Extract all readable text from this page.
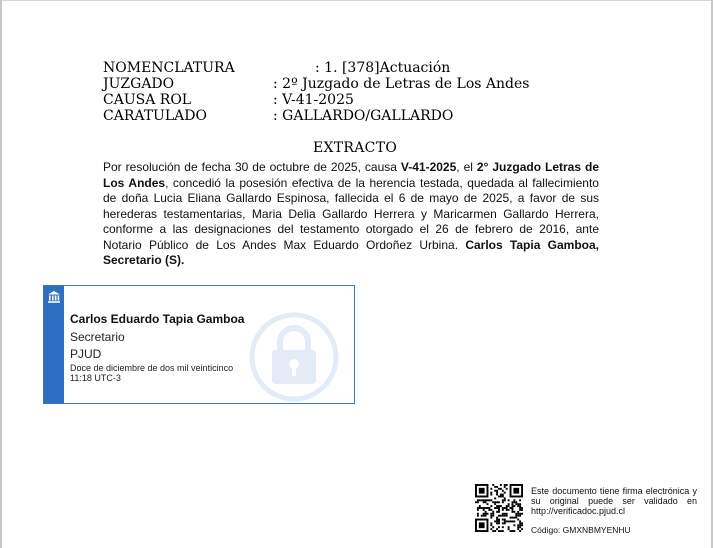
NOMENCLATURA	: 1. [378]Actuación
JUZGADO	: 2º Juzgado de Letras de Los Andes
CAUSA ROL	: V-41-2025
CARATULADO	: GALLARDO/GALLARDO
EXTRACTO
Por resolución de fecha 30 de octubre de 2025, causa V-41-2025, el 2° Juzgado Letras de Los Andes, concedió la posesión efectiva de la herencia testada, quedada al fallecimiento de doña Lucia Eliana Gallardo Espinosa, fallecida el 6 de mayo de 2025, a favor de sus herederas testamentarias, Maria Delia Gallardo Herrera y Maricarmen Gallardo Herrera, conforme a las designaciones del testamento otorgado el 26 de febrero de 2016, ante Notario Público de Los Andes Max Eduardo Ordoñez Urbina. Carlos Tapia Gamboa, Secretario (S).
Carlos Eduardo Tapia Gamboa
Secretario
PJUD
Doce de diciembre de dos mil veinticinco
11:18 UTC-3
Este documento tiene firma electrónica y su original puede ser validado en http://verificadoc.pjud.cl
Código: GMXNBMYENHU
